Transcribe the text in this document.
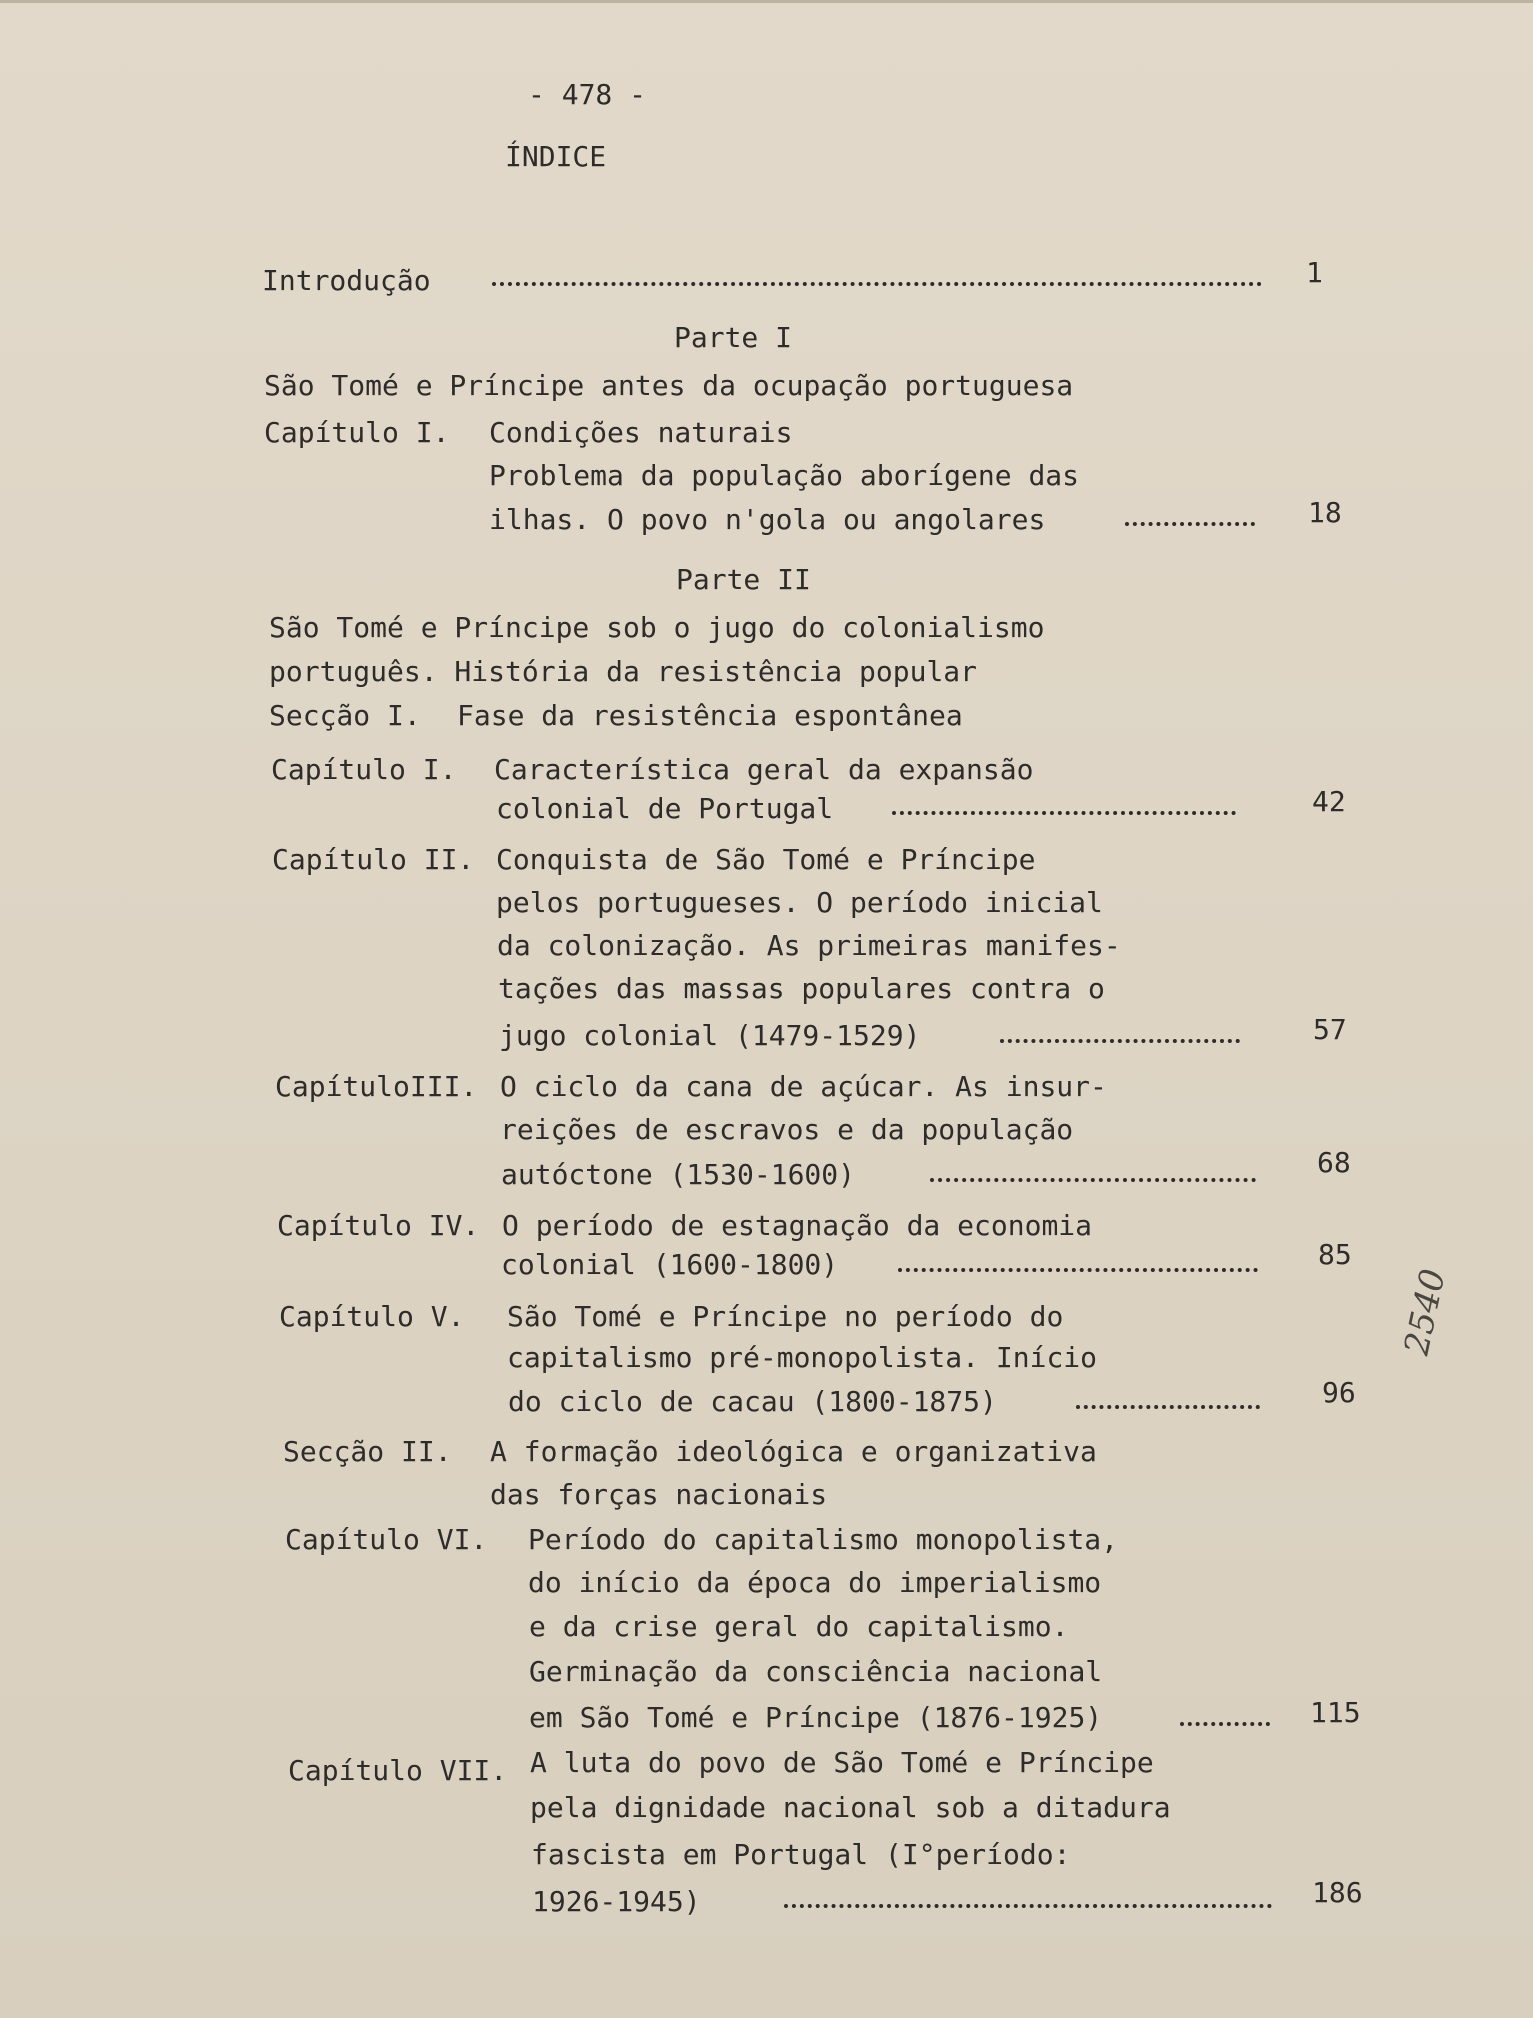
- 478 -
ÍNDICE
Introdução	1
Parte I
São Tomé e Príncipe antes da ocupação portuguesa
Capítulo I. Condições naturais
Problema da população aborígene das
ilhas. O povo n'gola ou angolares	18
Parte II
São Tomé e Príncipe sob o jugo do colonialismo
português. História da resistência popular
Secção I. Fase da resistência espontânea
Capítulo I. Característica geral da expansão
colonial de Portugal	42
Capítulo II. Conquista de São Tomé e Príncipe
pelos portugueses. O período inicial
da colonização. As primeiras manifes-
tações das massas populares contra o
jugo colonial (1479-1529)	57
CapítuloIII. O ciclo da cana de açúcar. As insur-
reições de escravos e da população
autóctone (1530-1600)	68
Capítulo IV. O período de estagnação da economia
colonial (1600-1800)	85
Capítulo V. São Tomé e Príncipe no período do
capitalismo pré-monopolista. Início
do ciclo de cacau (1800-1875)	96
Secção II. A formação ideológica e organizativa
das forças nacionais
Capítulo VI. Período do capitalismo monopolista,
do início da época do imperialismo
e da crise geral do capitalismo.
Germinação da consciência nacional
em São Tomé e Príncipe (1876-1925)	115
Capítulo VII. A luta do povo de São Tomé e Príncipe
pela dignidade nacional sob a ditadura
fascista em Portugal (I°período:
1926-1945)	186
2540
